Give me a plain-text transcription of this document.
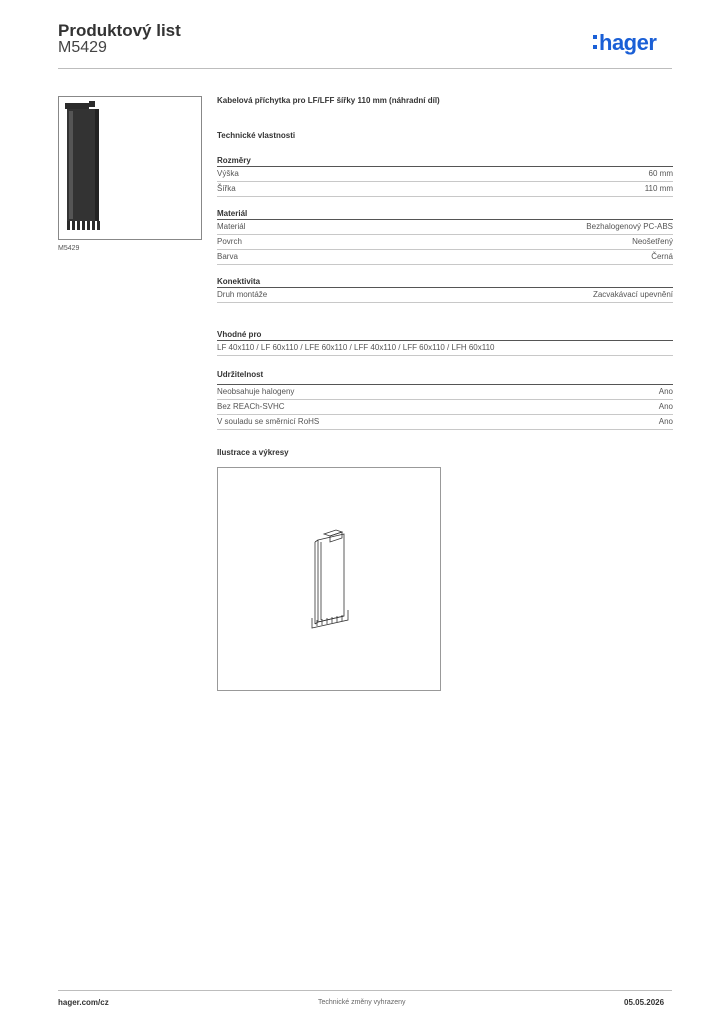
Produktový list
M5429	hager
M5429
Kabelová příchytka pro LF/LFF šířky 110 mm (náhradní díl)
Technické vlastnosti
Rozměry
Výška	60 mm
Šířka	110 mm
Materiál
Materiál	Bezhalogenový PC-ABS
Povrch	Neošetřený
Barva	Černá
Konektivita
Druh montáže	Zacvakávací upevnění
Vhodné pro
LF 40x110 / LF 60x110 / LFE 60x110 / LFF 40x110 / LFF 60x110 / LFH 60x110
Udržitelnost
Neobsahuje halogeny	Ano
Bez REACh-SVHC	Ano
V souladu se směrnicí RoHS	Ano
Ilustrace a výkresy
hager.com/cz	Technické změny vyhrazeny	05.05.2026
